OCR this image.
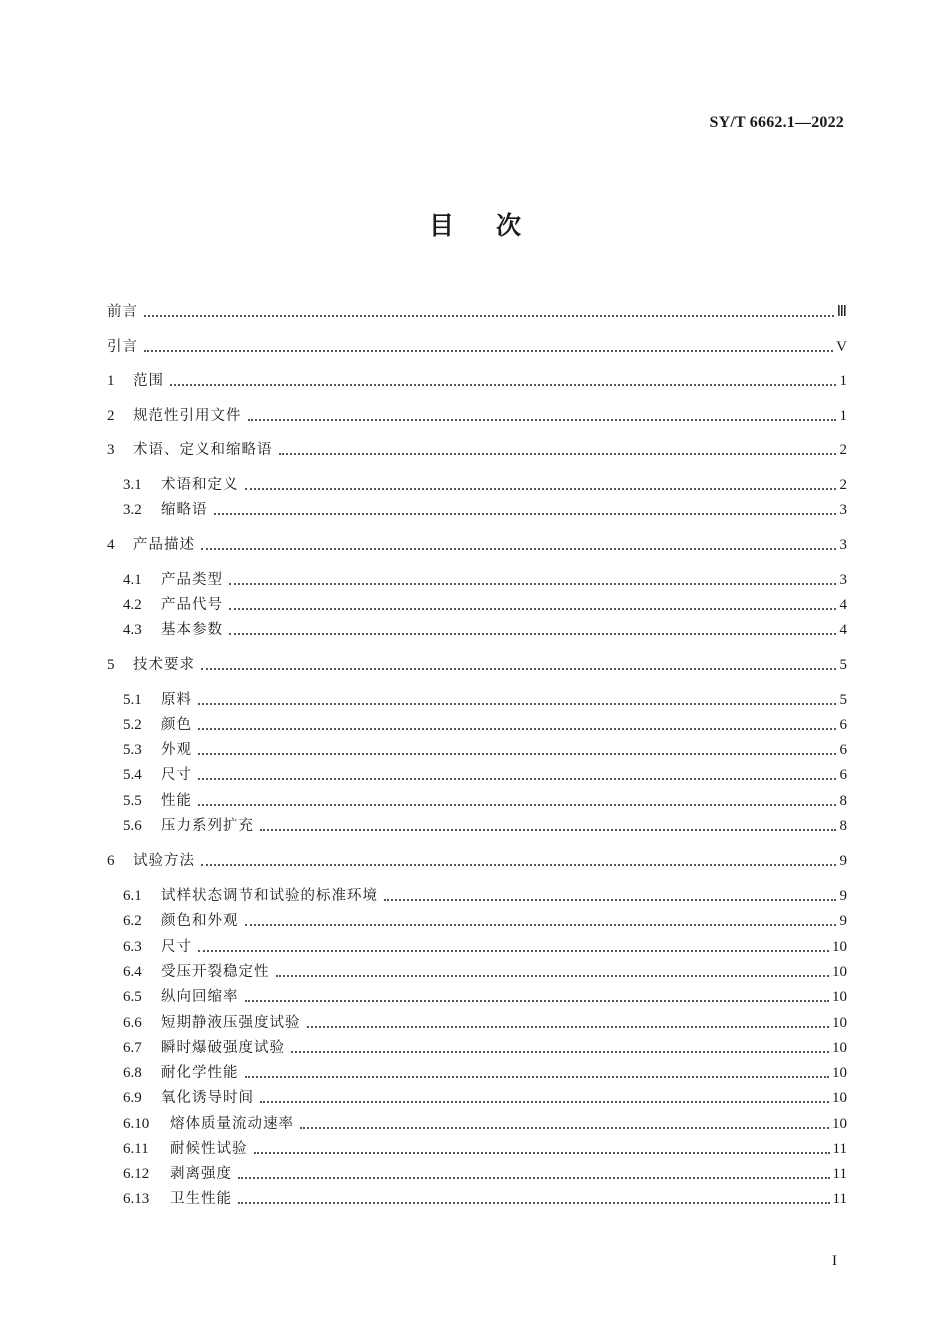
SY/T 6662.1—2022
目次
前言	Ⅲ
引言	V
1	范围	1
2	规范性引用文件	1
3	术语、定义和缩略语	2
3.1	术语和定义	2
3.2	缩略语	3
4	产品描述	3
4.1	产品类型	3
4.2	产品代号	4
4.3	基本参数	4
5	技术要求	5
5.1	原料	5
5.2	颜色	6
5.3	外观	6
5.4	尺寸	6
5.5	性能	8
5.6	压力系列扩充	8
6	试验方法	9
6.1	试样状态调节和试验的标准环境	9
6.2	颜色和外观	9
6.3	尺寸	10
6.4	受压开裂稳定性	10
6.5	纵向回缩率	10
6.6	短期静液压强度试验	10
6.7	瞬时爆破强度试验	10
6.8	耐化学性能	10
6.9	氧化诱导时间	10
6.10	熔体质量流动速率	10
6.11	耐候性试验	11
6.12	剥离强度	11
6.13	卫生性能	11
I
